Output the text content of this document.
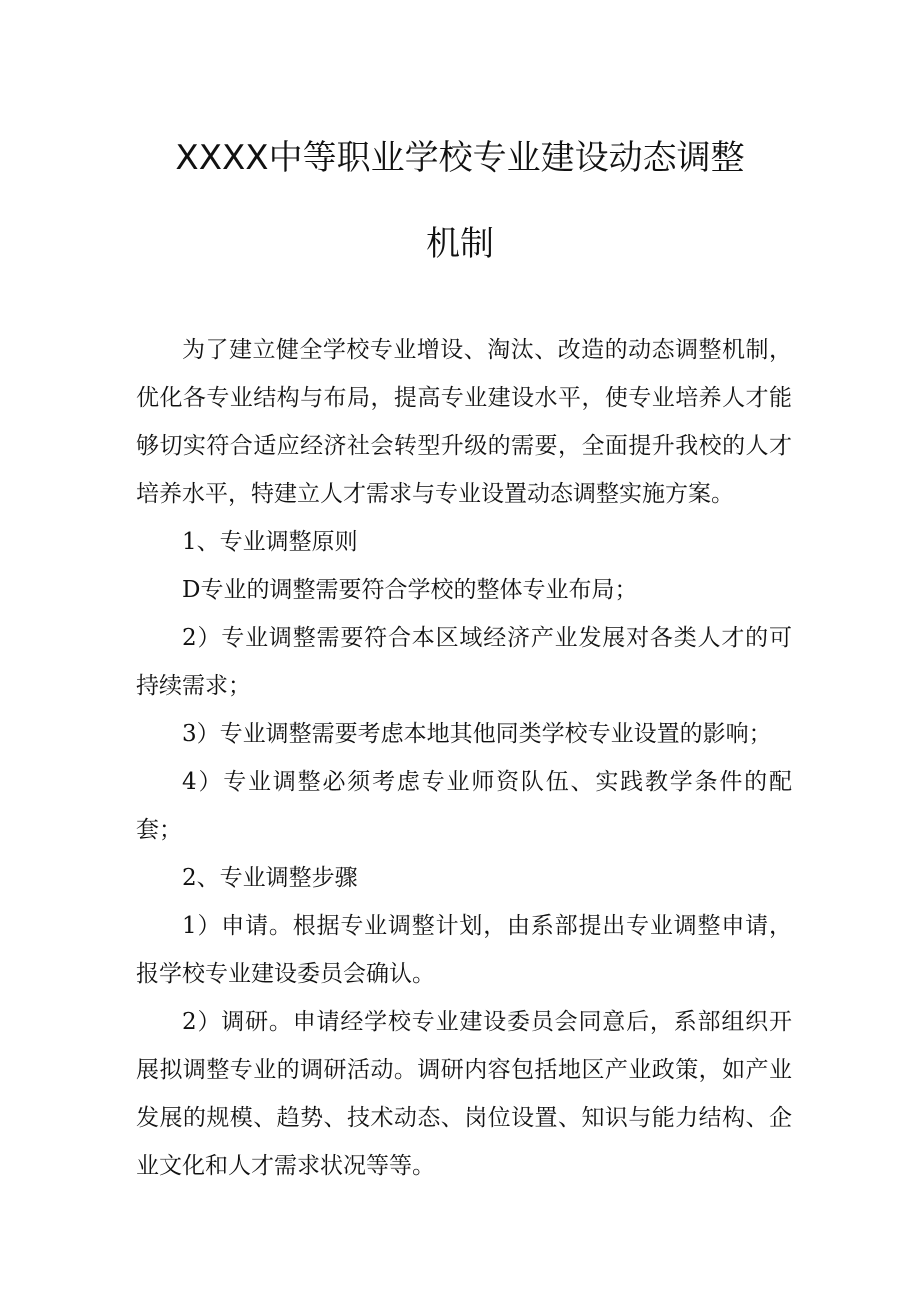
XXXX中等职业学校专业建设动态调整
机制

为了建立健全学校专业增设、淘汰、改造的动态调整机制，优化各专业结构与布局，提高专业建设水平，使专业培养人才能够切实符合适应经济社会转型升级的需要，全面提升我校的人才培养水平，特建立人才需求与专业设置动态调整实施方案。

1、专业调整原则

D专业的调整需要符合学校的整体专业布局；

2）专业调整需要符合本区域经济产业发展对各类人才的可持续需求；

3）专业调整需要考虑本地其他同类学校专业设置的影响；

4）专业调整必须考虑专业师资队伍、实践教学条件的配套；

2、专业调整步骤

1）申请。根据专业调整计划，由系部提出专业调整申请，报学校专业建设委员会确认。

2）调研。申请经学校专业建设委员会同意后，系部组织开展拟调整专业的调研活动。调研内容包括地区产业政策，如产业发展的规模、趋势、技术动态、岗位设置、知识与能力结构、企业文化和人才需求状况等等。
